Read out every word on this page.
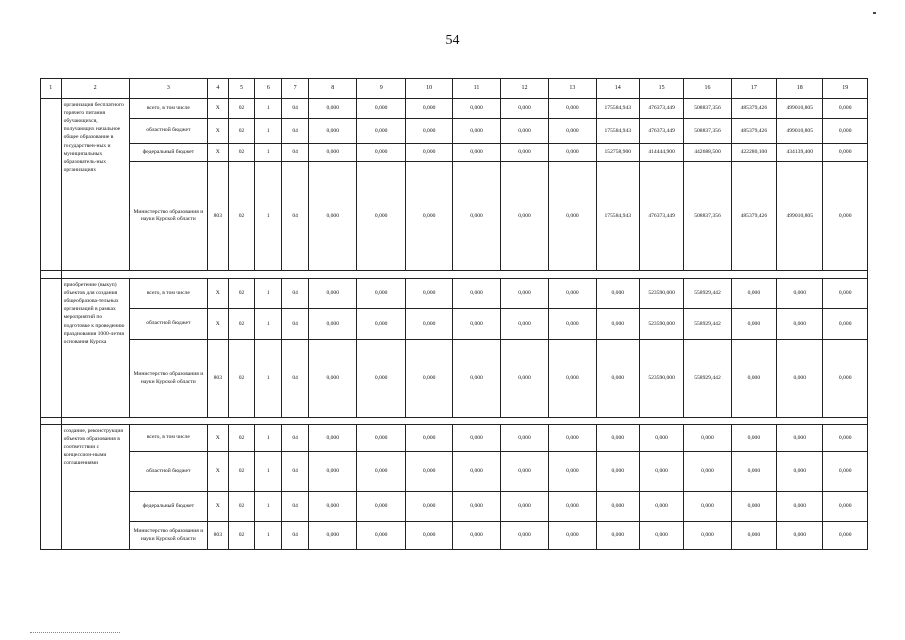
54
1	2	3	4	5	6	7	8	9	10	11	12	13	14	15	16	17	18	19
	организация бесплатного горячего питания обучающихся, получающих начальное общее образование в государствен-ных и муниципальных образователь-ных организациях	всего, в том числе	X	02	1	04	0,000	0,000	0,000	0,000	0,000	0,000	175584,943	476373,449	508837,356	485379,426	499010,805	0,000
		областной бюджет	X	02	1	04	0,000	0,000	0,000	0,000	0,000	0,000	175584,943	476373,449	508837,356	485379,426	499010,805	0,000
		федеральный бюджет	X	02	1	04	0,000	0,000	0,000	0,000	0,000	0,000	152758,900	414444,900	442688,500	422280,100	434139,400	0,000
		Министерство образования и науки Курской области	803	02	1	04	0,000	0,000	0,000	0,000	0,000	0,000	175584,943	476373,449	508837,356	485379,426	499010,805	0,000

	приобретение (выкуп) объектов для создания общеобразова-тельных организаций в рамках мероприятий по подготовке к проведению празднования 1000-летия основания Курска	всего, в том числе	X	02	1	04	0,000	0,000	0,000	0,000	0,000	0,000	0,000	523590,000	558929,442	0,000	0,000	0,000
		областной бюджет	X	02	1	04	0,000	0,000	0,000	0,000	0,000	0,000	0,000	523590,000	558929,442	0,000	0,000	0,000
		Министерство образования и науки Курской области	803	02	1	04	0,000	0,000	0,000	0,000	0,000	0,000	0,000	523590,000	558929,442	0,000	0,000	0,000

	создание, реконструкция объектов образования в соответствии с концессион-ными соглашениями	всего, в том числе	X	02	1	04	0,000	0,000	0,000	0,000	0,000	0,000	0,000	0,000	0,000	0,000	0,000	0,000
		областной бюджет	X	02	1	04	0,000	0,000	0,000	0,000	0,000	0,000	0,000	0,000	0,000	0,000	0,000	0,000
		федеральный бюджет	X	02	1	04	0,000	0,000	0,000	0,000	0,000	0,000	0,000	0,000	0,000	0,000	0,000	0,000
		Министерство образования и науки Курской области	803	02	1	04	0,000	0,000	0,000	0,000	0,000	0,000	0,000	0,000	0,000	0,000	0,000	0,000
